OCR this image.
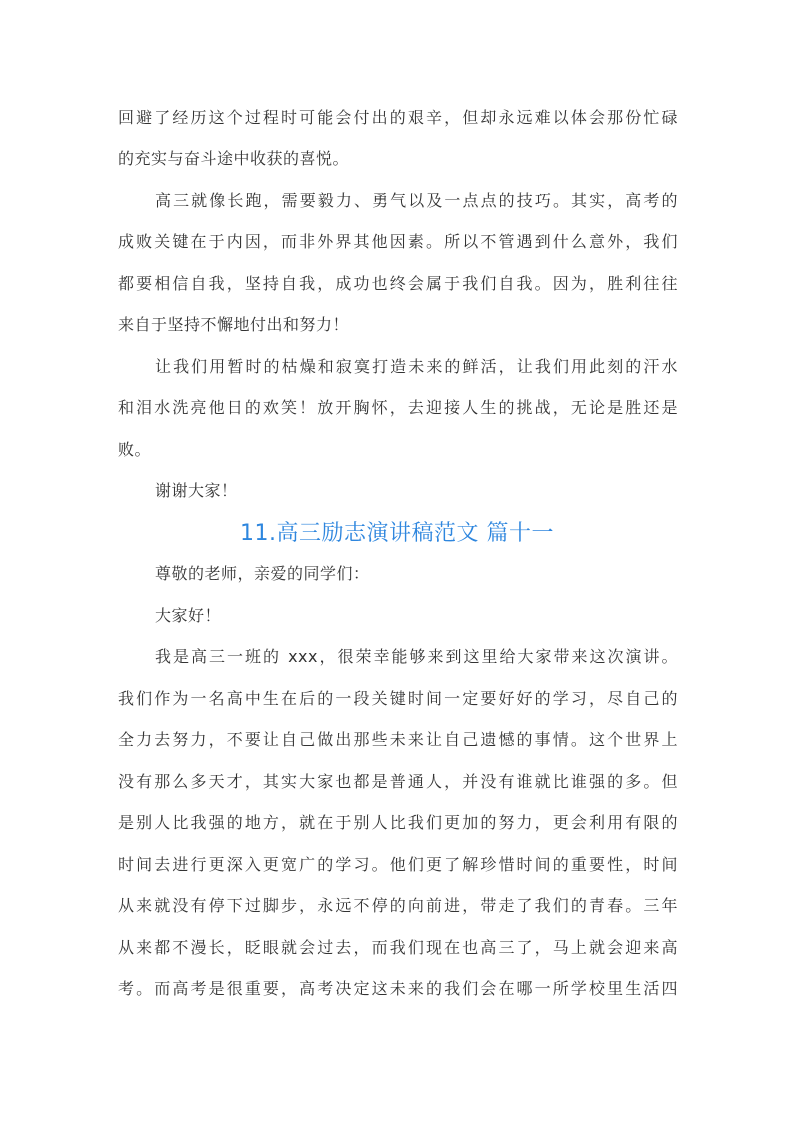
回避了经历这个过程时可能会付出的艰辛，但却永远难以体会那份忙碌
的充实与奋斗途中收获的喜悦。
高三就像长跑，需要毅力、勇气以及一点点的技巧。其实，高考的
成败关键在于内因，而非外界其他因素。所以不管遇到什么意外，我们
都要相信自我，坚持自我，成功也终会属于我们自我。因为，胜利往往
来自于坚持不懈地付出和努力！
让我们用暂时的枯燥和寂寞打造未来的鲜活，让我们用此刻的汗水
和泪水洗亮他日的欢笑！放开胸怀，去迎接人生的挑战，无论是胜还是
败。
谢谢大家！
11.高三励志演讲稿范文 篇十一
尊敬的老师，亲爱的同学们：
大家好！
我是高三一班的 xxx，很荣幸能够来到这里给大家带来这次演讲。
我们作为一名高中生在后的一段关键时间一定要好好的学习，尽自己的
全力去努力，不要让自己做出那些未来让自己遗憾的事情。这个世界上
没有那么多天才，其实大家也都是普通人，并没有谁就比谁强的多。但
是别人比我强的地方，就在于别人比我们更加的努力，更会利用有限的
时间去进行更深入更宽广的学习。他们更了解珍惜时间的重要性，时间
从来就没有停下过脚步，永远不停的向前进，带走了我们的青春。三年
从来都不漫长，眨眼就会过去，而我们现在也高三了，马上就会迎来高
考。而高考是很重要，高考决定这未来的我们会在哪一所学校里生活四
